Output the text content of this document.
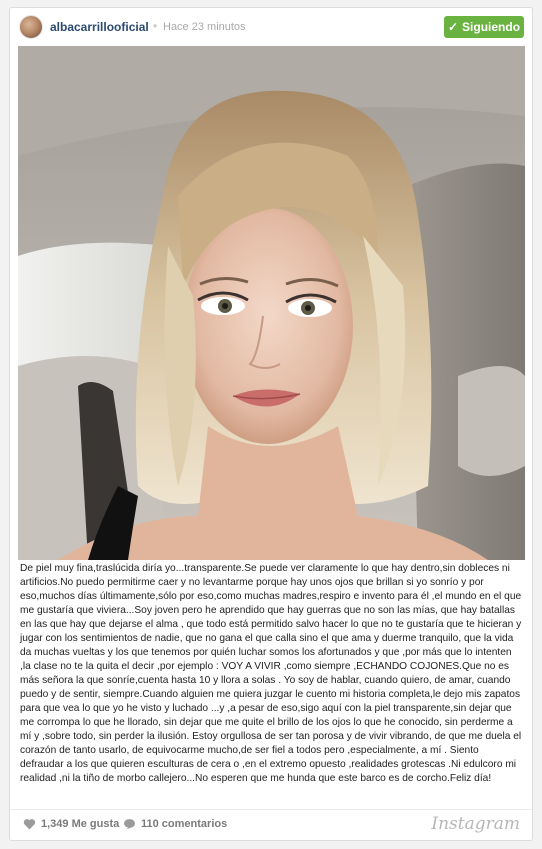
albacarrillooficial • Hace 23 minutos	✓ Siguiendo

De piel muy fina,traslúcida diría yo...transparente.Se puede ver claramente lo que hay dentro,sin dobleces ni artificios.No puedo permitirme caer y no levantarme porque hay unos ojos que brillan si yo sonrío y por eso,muchos días últimamente,sólo por eso,como muchas madres,respiro e invento para él ,el mundo en el que me gustaría que viviera...Soy joven pero he aprendido que hay guerras que no son las mías, que hay batallas en las que hay que dejarse el alma , que todo está permitido salvo hacer lo que no te gustaría que te hicieran y jugar con los sentimientos de nadie, que no gana el que calla sino el que ama y duerme tranquilo, que la vida da muchas vueltas y los que tenemos por quién luchar somos los afortunados y que ,por más que lo intenten ,la clase no te la quita el decir ,por ejemplo : VOY A VIVIR ,como siempre ,ECHANDO COJONES.Que no es más señora la que sonríe,cuenta hasta 10 y llora a solas . Yo soy de hablar, cuando quiero, de amar, cuando puedo y de sentir, siempre.Cuando alguien me quiera juzgar le cuento mi historia completa,le dejo mis zapatos para que vea lo que yo he visto y luchado ...y ,a pesar de eso,sigo aquí con la piel transparente,sin dejar que me corrompa lo que he llorado, sin dejar que me quite el brillo de los ojos lo que he conocido, sin perderme a mí y ,sobre todo, sin perder la ilusión. Estoy orgullosa de ser tan porosa y de vivir vibrando, de que me duela el corazón de tanto usarlo, de equivocarme mucho,de ser fiel a todos pero ,especialmente, a mí . Siento defraudar a los que quieren esculturas de cera o ,en el extremo opuesto ,realidades grotescas .Ni edulcoro mi realidad ,ni la tiño de morbo callejero...No esperen que me hunda que este barco es de corcho.Feliz día!

1,349 Me gusta 110 comentarios	Instagram
